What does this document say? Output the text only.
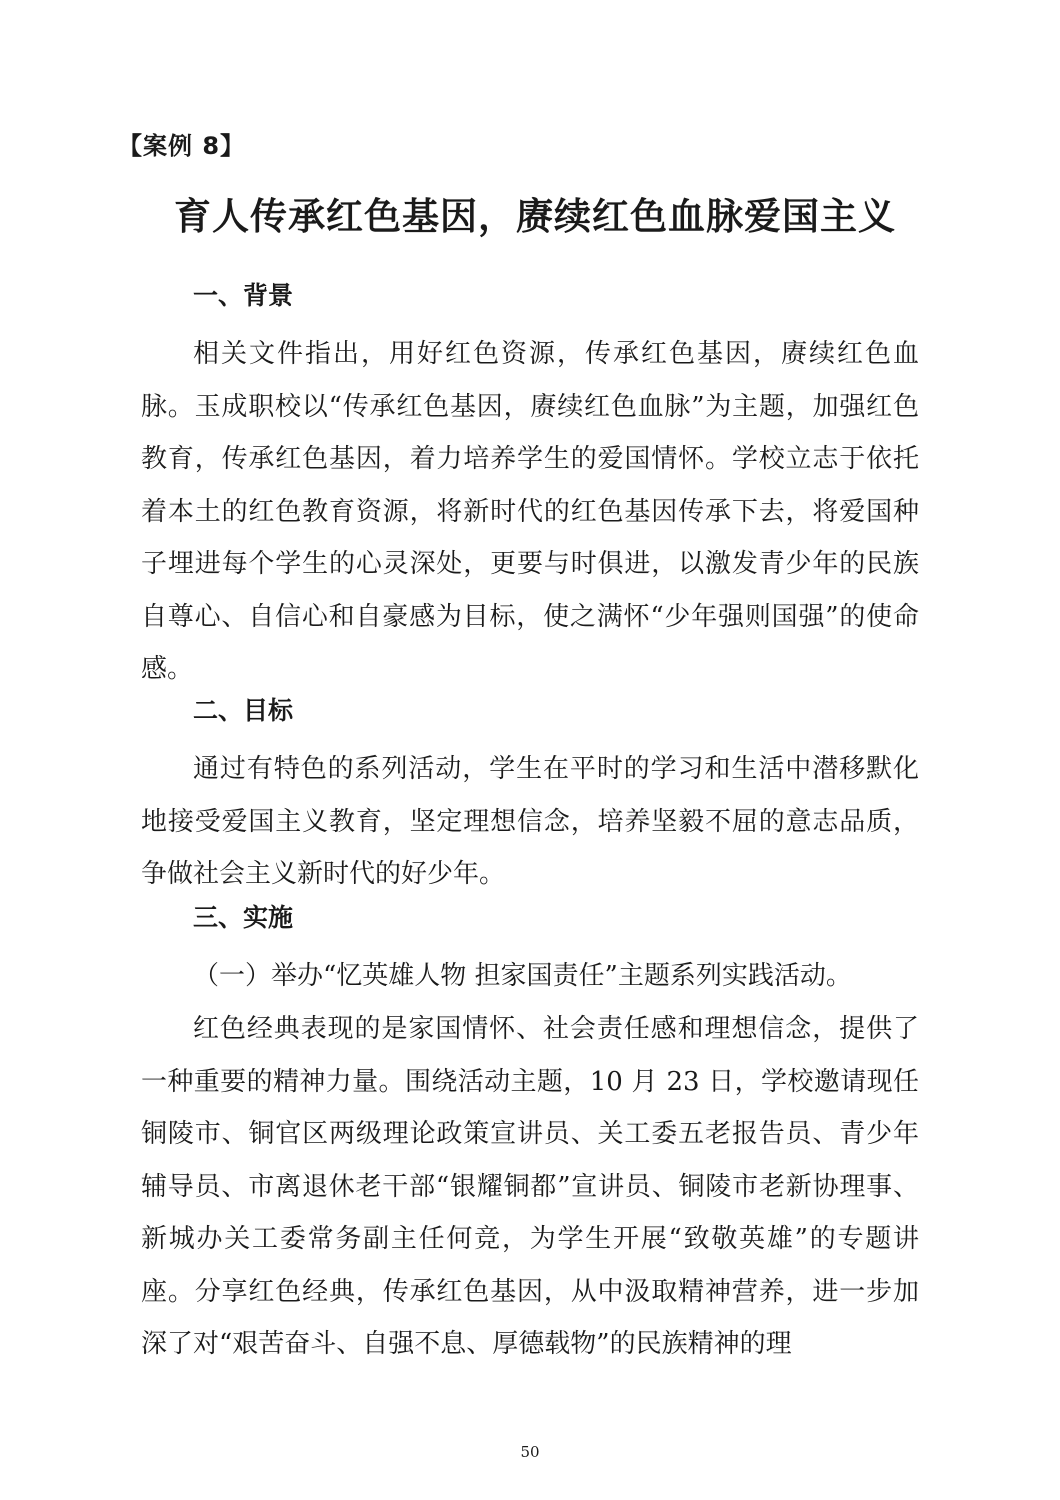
【案例 8】
育人传承红色基因，赓续红色血脉爱国主义
一、背景

相关文件指出，用好红色资源，传承红色基因，赓续红色血脉。玉成职校以“传承红色基因，赓续红色血脉”为主题，加强红色教育，传承红色基因，着力培养学生的爱国情怀。学校立志于依托着本土的红色教育资源，将新时代的红色基因传承下去，将爱国种子埋进每个学生的心灵深处，更要与时俱进，以激发青少年的民族自尊心、自信心和自豪感为目标，使之满怀“少年强则国强”的使命感。

二、目标

通过有特色的系列活动，学生在平时的学习和生活中潜移默化地接受爱国主义教育，坚定理想信念，培养坚毅不屈的意志品质，争做社会主义新时代的好少年。

三、实施

（一）举办“忆英雄人物 担家国责任”主题系列实践活动。

红色经典表现的是家国情怀、社会责任感和理想信念，提供了一种重要的精神力量。围绕活动主题，10 月 23 日，学校邀请现任铜陵市、铜官区两级理论政策宣讲员、关工委五老报告员、青少年辅导员、市离退休老干部“银耀铜都”宣讲员、铜陵市老新协理事、新城办关工委常务副主任何竞，为学生开展“致敬英雄”的专题讲座。分享红色经典，传承红色基因，从中汲取精神营养，进一步加深了对“艰苦奋斗、自强不息、厚德载物”的民族精神的理

50
